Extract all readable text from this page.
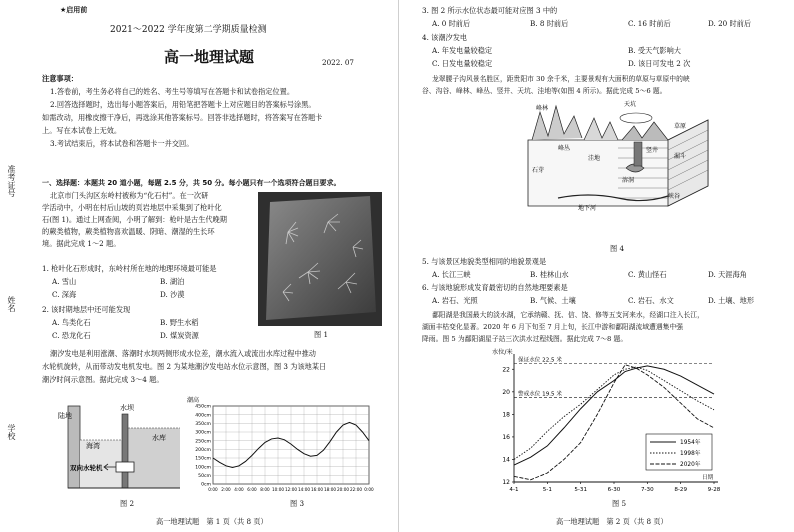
准考证号
姓名
学校
★启用前
2021～2022 学年度第二学期质量检测
高一地理试题	2022. 07
注意事项：
1.答卷前，考生务必将自己的姓名、考生号等填写在答题卡和试卷指定位置。
2.回答选择题时，选出每小题答案后，用铅笔把答题卡上对应题目的答案标号涂黑。
如需改动，用橡皮擦干净后，再选涂其他答案标号。回答非选择题时，将答案写在答题卡
上。写在本试卷上无效。
3.考试结束后，将本试卷和答题卡一并交回。
一、选择题：本题共 20 道小题，每题 2.5 分，共 50 分。每小题只有一个选项符合题目要求。
北京市门头沟区东岭村被称为“化石村”。在一次研
学活动中，小明在村后山坡的页岩地层中采集到了枪叶化
石(图 1)。通过上网查阅，小明了解到：枪叶是古生代晚期
的蕨类植物，蕨类植物喜欢温暖、阴暗、潮湿的生长环
境。据此完成 1～2 题。
1. 枪叶化石形成时，东岭村所在地的地理环境最可能是
A. 雪山	B. 湖泊
C. 深海	D. 沙漠
2. 该时期地层中还可能发现
A. 鸟类化石	B. 野生水稻
C. 恐龙化石	D. 煤炭资源	图 1
潮汐发电是利用涨潮、落潮时水坝两侧形成水位差，潮水流入或流出水库过程中推动
水轮机旋转，从而带动发电机发电。图 2 为某地潮汐发电站水位示意图，图 3 为该地某日
潮汐时间示意图。据此完成 3～4 题。
陆地
水坝
海湾
水库
双向水轮机
图 2
0:00 2:00 4:00 6:00 8:00 10:00 12:00 14:00 16:00 18:00 20:00 22:00 0:00
450cm
400cm
350cm
300cm
250cm
200cm
150cm
100cm
50cm
0cm
潮高
图 3
高一地理试题　第 1 页（共 8 页）
3. 图 2 所示水位状态最可能对应图 3 中的
A. 0 时前后	B. 8 时前后	C. 16 时前后	D. 20 时前后
4. 该潮汐发电
A. 年发电量较稳定	B. 受天气影响大
C. 日发电量较稳定	D. 该日可发电 2 次
龙翠腰子沟风景名胜区，距贵阳市 30 余千米，主要景观有大面积的草原与草原中的峡
谷、沟谷、峰林、峰丛、竖井、天坑、洼地等(如图 4 所示)。据此完成 5～6 题。
峰林
峰丛
洼地
草原
溶洞
天坑
地下河
石芽
竖井
漏斗
峡谷
图 4
5. 与该景区地貌类型相同的地貌景观是
A. 长江三峡	B. 桂林山水	C. 黄山怪石	D. 天涯海角
6. 与该地貌形成发育最密切的自然地理要素是
A. 岩石、光照	B. 气候、土壤	C. 岩石、水文	D. 土壤、地形
鄱阳湖是我国最大的淡水湖，它承纳赣、抚、信、饶、修等五支河来水，经湖口注入长江，
湖面丰枯变化显著。2020 年 6 月下旬至 7 月上旬，长江中游和鄱阳湖流域遭遇集中强
降雨。图 5 为鄱阳湖星子站三次洪水过程线图。据此完成 7～8 题。
12
14
16
18
20
22
4-1	5-1	5-31	6-30	7-30	8-29	9-28
水位/米
日期
保证水位 22.5 米
警戒水位 19.5 米
1954年
1998年
2020年
图 5
高一地理试题　第 2 页（共 8 页）
